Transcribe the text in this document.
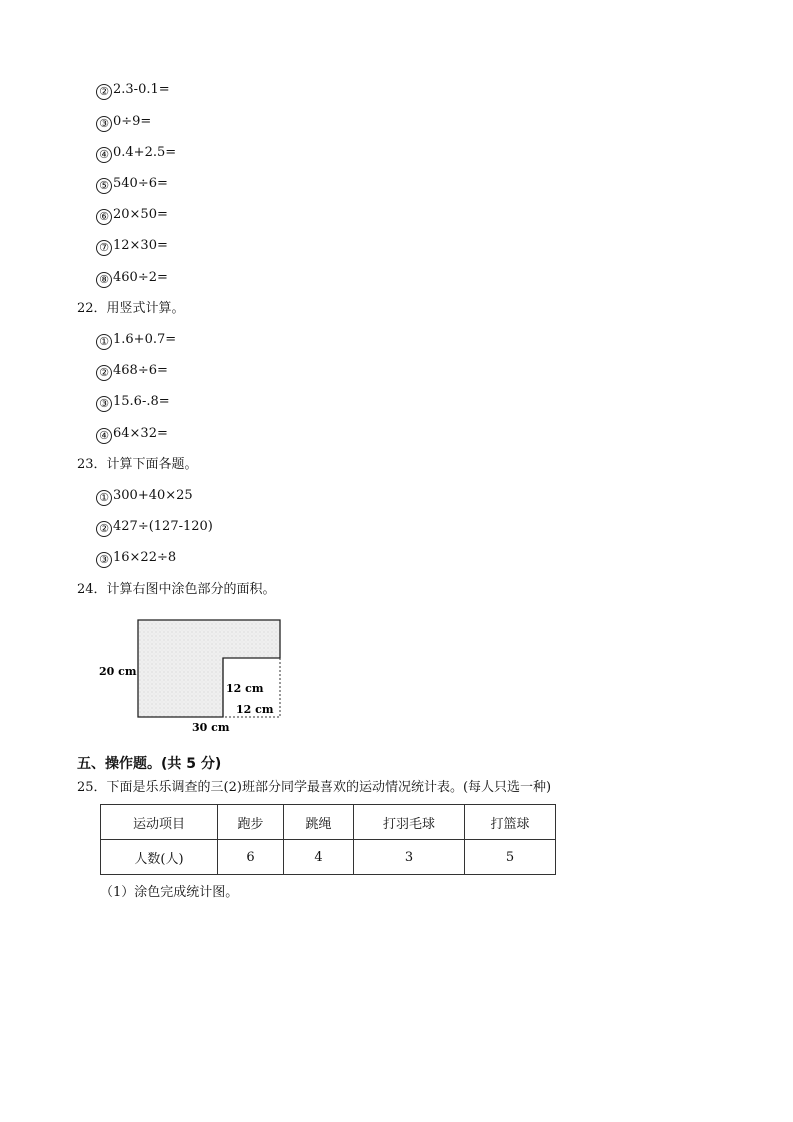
② 2.3-0.1=
③ 0÷9=
④ 0.4+2.5=
⑤ 540÷6=
⑥ 20×50=
⑦ 12×30=
⑧ 460÷2=
22．用竖式计算。
① 1.6+0.7=
② 468÷6=
③ 15.6-.8=
④ 64×32=
23．计算下面各题。
① 300+40×25
② 427÷(127-120)
③ 16×22÷8
24．计算右图中涂色部分的面积。
20 cm
12 cm
12 cm
30 cm
五、操作题。(共 5 分)
25．下面是乐乐调查的三(2)班部分同学最喜欢的运动情况统计表。(每人只选一种)
运动项目	跑步	跳绳	打羽毛球	打篮球
人数(人)	6	4	3	5
（1）涂色完成统计图。
